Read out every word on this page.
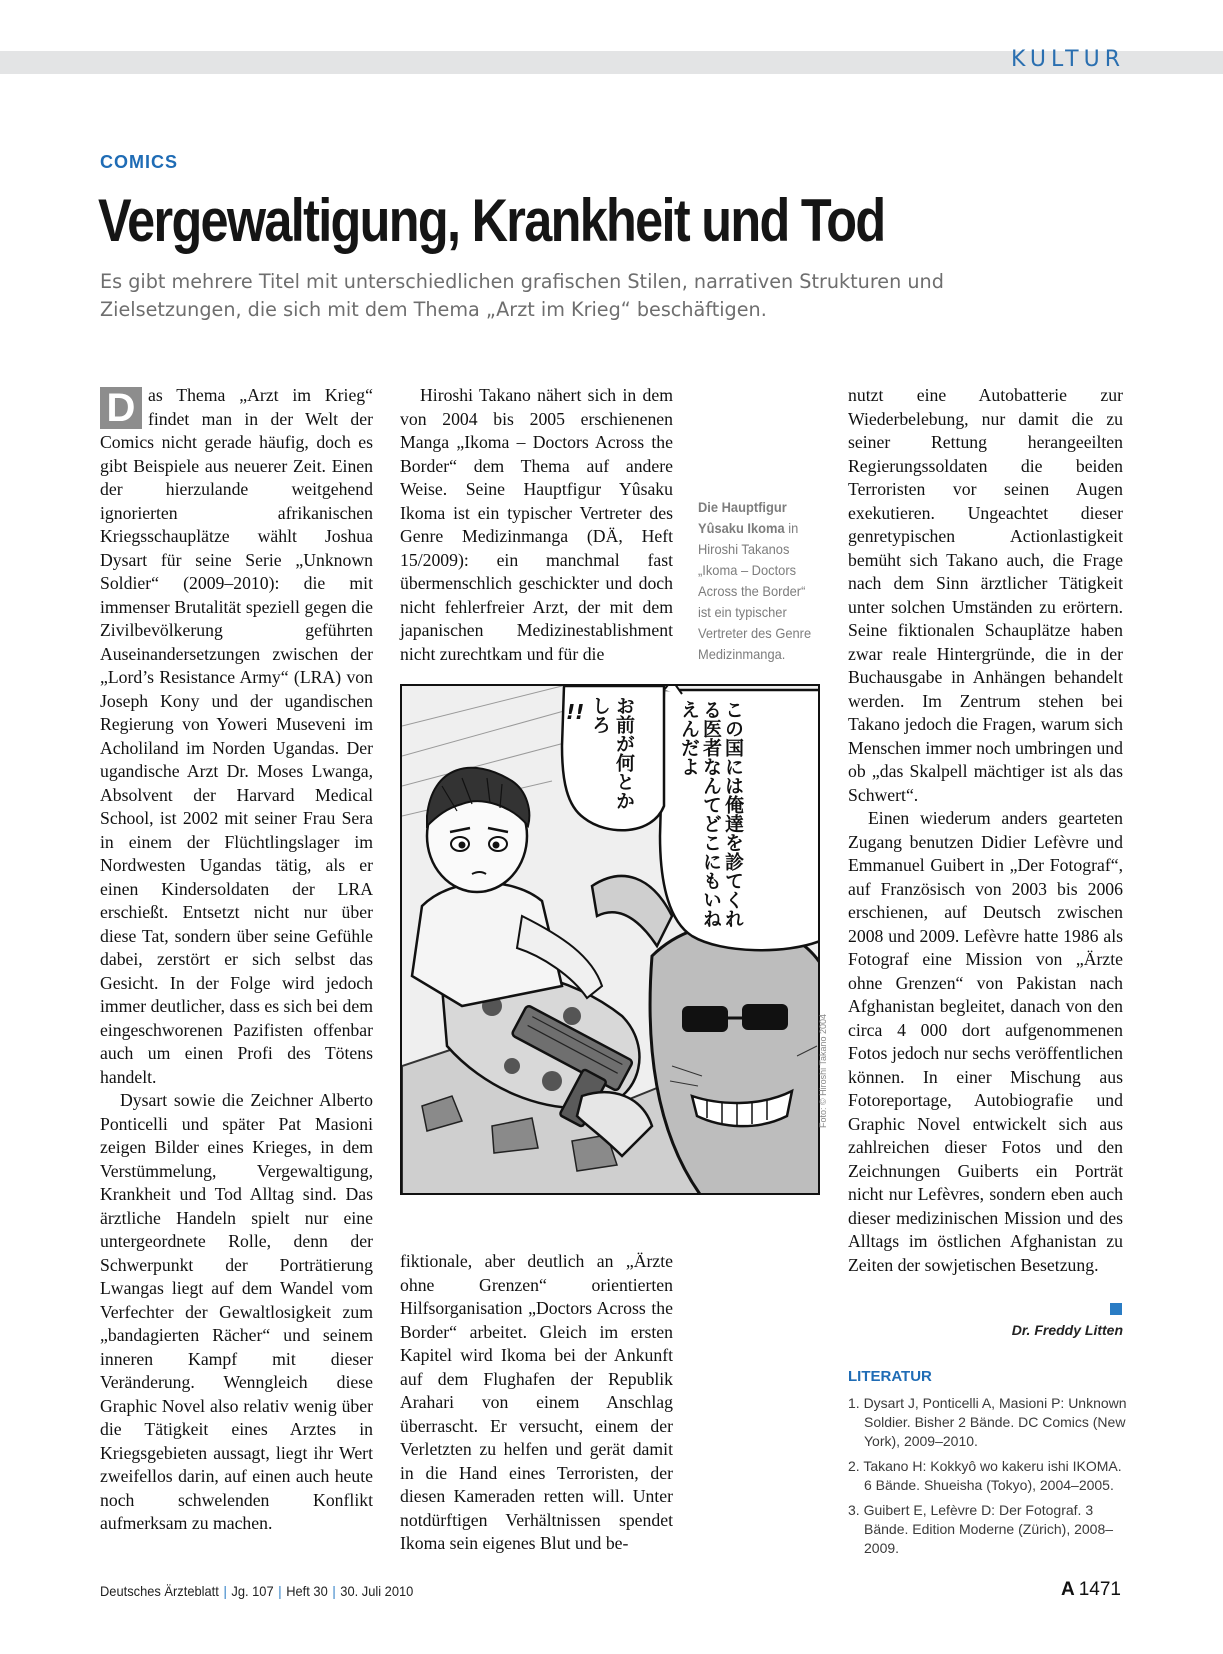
KULTUR
COMICS
Vergewaltigung, Krankheit und Tod
Es gibt mehrere Titel mit unterschiedlichen grafischen Stilen, narrativen Strukturen und Zielsetzungen, die sich mit dem Thema „Arzt im Krieg“ beschäftigen.

D as Thema „Arzt im Krieg“ findet man in der Welt der Comics nicht gerade häufig, doch es gibt Beispiele aus neuerer Zeit. Einen der hierzulande weitgehend ignorierten afrikanischen Kriegsschauplätze wählt Joshua Dysart für seine Serie „Unknown Soldier“ (2009–2010): die mit immenser Brutalität speziell gegen die Zivilbevölkerung geführten Auseinandersetzungen zwischen der „Lord’s Resistance Army“ (LRA) von Joseph Kony und der ugandischen Regierung von Yoweri Museveni im Acholiland im Norden Ugandas. Der ugandische Arzt Dr. Moses Lwanga, Absolvent der Harvard Medical School, ist 2002 mit seiner Frau Sera in einem der Flüchtlingslager im Nordwesten Ugandas tätig, als er einen Kindersoldaten der LRA erschießt. Entsetzt nicht nur über diese Tat, sondern über seine Gefühle dabei, zerstört er sich selbst das Gesicht. In der Folge wird jedoch immer deutlicher, dass es sich bei dem eingeschworenen Pazifisten offenbar auch um einen Profi des Tötens handelt.

Dysart sowie die Zeichner Alberto Ponticelli und später Pat Masioni zeigen Bilder eines Krieges, in dem Verstümmelung, Vergewaltigung, Krankheit und Tod Alltag sind. Das ärztliche Handeln spielt nur eine untergeordnete Rolle, denn der Schwerpunkt der Porträtierung Lwangas liegt auf dem Wandel vom Verfechter der Gewaltlosigkeit zum „bandagierten Rächer“ und seinem inneren Kampf mit dieser Veränderung. Wenngleich diese Graphic Novel also relativ wenig über die Tätigkeit eines Arztes in Kriegsgebieten aussagt, liegt ihr Wert zweifellos darin, auf einen auch heute noch schwelenden Konflikt aufmerksam zu machen.

Hiroshi Takano nähert sich in dem von 2004 bis 2005 erschienenen Manga „Ikoma – Doctors Across the Border“ dem Thema auf andere Weise. Seine Hauptfigur Yûsaku Ikoma ist ein typischer Vertreter des Genre Medizinmanga (DÄ, Heft 15/2009): ein manchmal fast übermenschlich geschickter und doch nicht fehlerfreier Arzt, der mit dem japanischen Medizinestablishment nicht zurechtkam und für die

Die Hauptfigur Yûsaku Ikoma in Hiroshi Takanos „Ikoma – Doctors Across the Border“ ist ein typischer Vertreter des Genre Medizinmanga.
この国には俺達を診てくれる医者なんてどこにもいねえんだよ
お前が何とかしろ
!!
Foto: © Hiroshi Takano 2004

fiktionale, aber deutlich an „Ärzte ohne Grenzen“ orientierten Hilfsorganisation „Doctors Across the Border“ arbeitet. Gleich im ersten Kapitel wird Ikoma bei der Ankunft auf dem Flughafen der Republik Arahari von einem Anschlag überrascht. Er versucht, einem der Verletzten zu helfen und gerät damit in die Hand eines Terroristen, der diesen Kameraden retten will. Unter notdürftigen Verhältnissen spendet Ikoma sein eigenes Blut und be-

nutzt eine Autobatterie zur Wiederbelebung, nur damit die zu seiner Rettung herangeeilten Regierungssoldaten die beiden Terroristen vor seinen Augen exekutieren. Ungeachtet dieser genretypischen Actionlastigkeit bemüht sich Takano auch, die Frage nach dem Sinn ärztlicher Tätigkeit unter solchen Umständen zu erörtern. Seine fiktionalen Schauplätze haben zwar reale Hintergründe, die in der Buchausgabe in Anhängen behandelt werden. Im Zentrum stehen bei Takano jedoch die Fragen, warum sich Menschen immer noch umbringen und ob „das Skalpell mächtiger ist als das Schwert“.

Einen wiederum anders gearteten Zugang benutzen Didier Lefèvre und Emmanuel Guibert in „Der Fotograf“, auf Französisch von 2003 bis 2006 erschienen, auf Deutsch zwischen 2008 und 2009. Lefèvre hatte 1986 als Fotograf eine Mission von „Ärzte ohne Grenzen“ von Pakistan nach Afghanistan begleitet, danach von den circa 4 000 dort aufgenommenen Fotos jedoch nur sechs veröffentlichen können. In einer Mischung aus Fotoreportage, Autobiografie und Graphic Novel entwickelt sich aus zahlreichen dieser Fotos und den Zeichnungen Guiberts ein Porträt nicht nur Lefèvres, sondern eben auch dieser medizinischen Mission und des Alltags im östlichen Afghanistan zu Zeiten der sowjetischen Besetzung.

Dr. Freddy Litten
LITERATUR
1. Dysart J, Ponticelli A, Masioni P: Unknown Soldier. Bisher 2 Bände. DC Comics (New York), 2009–2010.
2. Takano H: Kokkyô wo kakeru ishi IKOMA. 6 Bände. Shueisha (Tokyo), 2004–2005.
3. Guibert E, Lefèvre D: Der Fotograf. 3 Bände. Edition Moderne (Zürich), 2008–2009.
Deutsches Ärzteblatt | Jg. 107 | Heft 30 | 30. Juli 2010	A 1471
